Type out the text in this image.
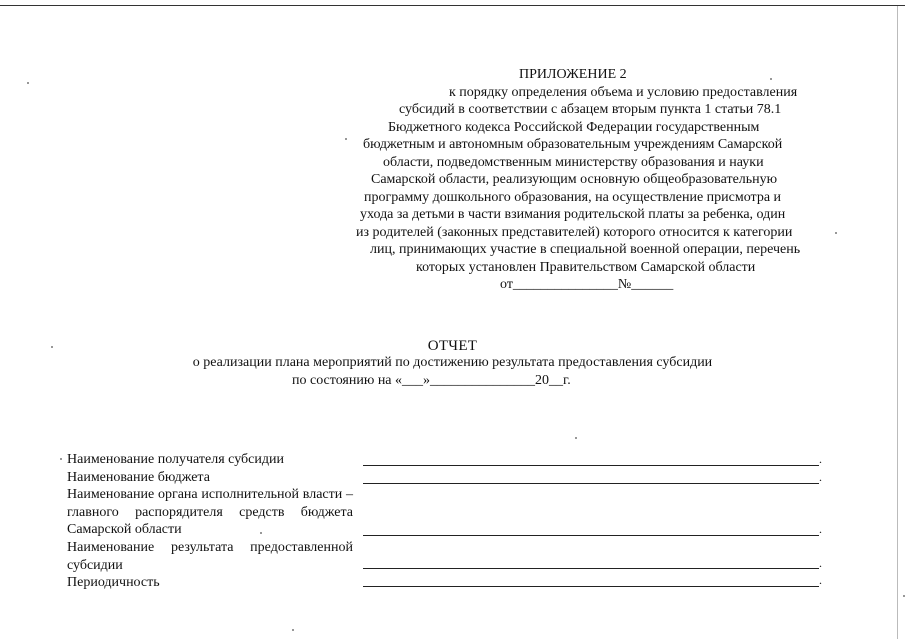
ПРИЛОЖЕНИЕ 2
к порядку определения объема и условию предоставления
субсидий в соответствии с абзацем вторым пункта 1 статьи 78.1
Бюджетного кодекса Российской Федерации государственным
бюджетным и автономным образовательным учреждениям Самарской
области, подведомственным министерству образования и науки
Самарской области, реализующим основную общеобразовательную
программу дошкольного образования, на осуществление присмотра и
ухода за детьми в части взимания родительской платы за ребенка, один
из родителей (законных представителей) которого относится к категории
лиц, принимающих участие в специальной военной операции, перечень
которых установлен Правительством Самарской области
от_______________№______
ОТЧЕТ
о реализации плана мероприятий по достижению результата предоставления субсидии
по состоянию на «___»_______________20__г.
Наименование получателя субсидии	.
Наименование бюджета	.
Наименование органа исполнительной власти – главного распорядителя средств бюджета Самарской области	.
Наименование результата предоставленной субсидии	.
Периодичность	.
